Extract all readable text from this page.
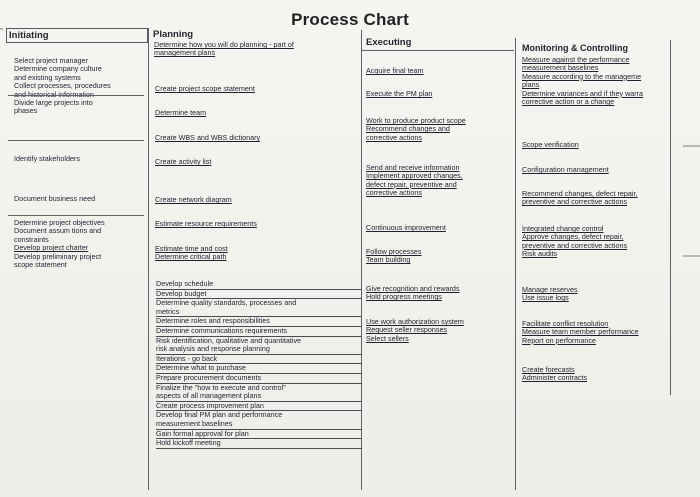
Process Chart
Initiating
Select project manager
Determine company culture
and existing systems
Collect processes, procedures
and historical information
Divide large projects into
phases
Identify stakeholders
Document business need
Determine project objectives
Document assum tions and
constraints
Develop project charter
Develop preliminary project
scope statement
Planning
Determine how you will do planning - part of
management plans
Create project scope statement
Determine team
Create WBS and WBS dictionary
Create activity list
Create network diagram
Estimate resource requirements
Estimate time and cost
Determine critical path
Develop schedule
Develop budget
Determine quality standards, processes and
metrics
Determine roles and responsibilities
Determine communications requirements
Risk identification, qualitative and quantitative
risk analysis and response planning
Iterations - go back
Determine what to purchase
Prepare procurement documents
Finalize the "how to execute and control"
aspects of all management plans
Create process improvement plan
Develop final PM plan and performance
measurement baselines
Gain formal approval for plan
Hold kickoff meeting
Executing
Acquire final team
Execute the PM plan
Work to produce product scope
Recommend changes and
corrective actions
Send and receive information
Implement approved changes,
defect repair, preventive and
corrective actions
Continuous improvement
Follow processes
Team building
Give recognition and rewards
Hold progress meetings
Use work authorization system
Request seller responses
Select sellers
Monitoring & Controlling
Measure against the performance
measurement baselines
Measure according to the manageme
plans
Determine variances and if they warra
corrective action or a change
Scope verification
Configuration management
Recommend changes, defect repair,
preventive and corrective actions
Integrated change control
Approve changes, defect repair,
preventive and corrective actions
Risk audits
Manage reserves
Use issue logs
Facilitate conflict resolution
Measure team member performance
Report on performance
Create forecasts
Administer contracts
